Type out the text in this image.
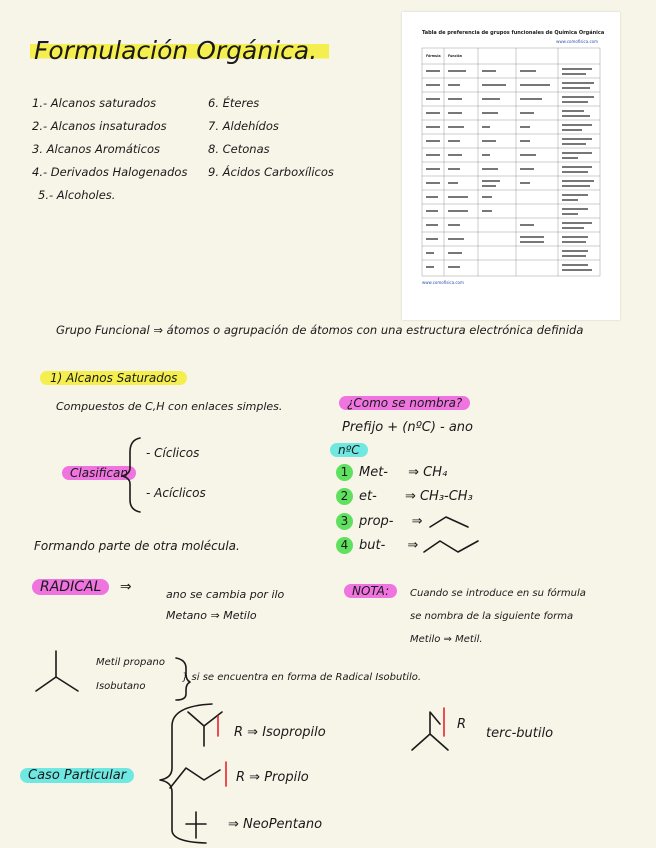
Formulación Orgánica.
1.- Alcanos saturados
2.- Alcanos insaturados
3. Alcanos Aromáticos
4.- Derivados Halogenados
5.- Alcoholes.
6. Éteres
7. Aldehídos
8. Cetonas
9. Ácidos Carboxílicos
Tabla de preferencia de grupos funcionales de Química Orgánica
www.comofisica.com
Fórmula Función
www.comofisica.com
Grupo Funcional ⇒ átomos o agrupación de átomos con una estructura electrónica definida
1) Alcanos Saturados
Compuestos de C,H con enlaces simples.
Clasifican
- Cíclicos
- Acíclicos
Formando parte de otra molécula.
¿Como se nombra?
Prefijo + (nºC) - ano
nºC
1 Met- ⇒ CH₄
2 et- ⇒ CH₃-CH₃
3 prop- ⇒
4 but- ⇒
RADICAL ⇒	ano se cambia por ilo
Metano ⇒ Metilo
NOTA:	Cuando se introduce en su fórmula
se nombra de la siguiente forma
Metilo ⇒ Metil.
Metil propano
Isobutano
} si se encuentra en forma de Radical Isobutilo.
Caso Particular
R ⇒ Isopropilo
R ⇒ Propilo
⇒ NeoPentano
R
terc-butilo
